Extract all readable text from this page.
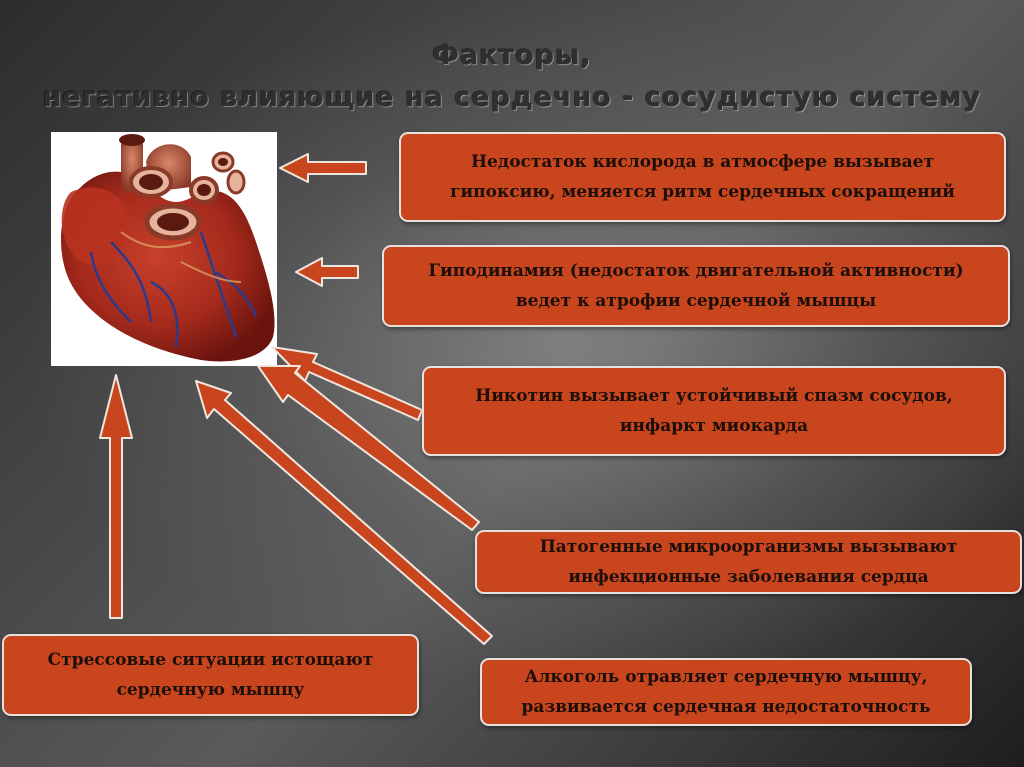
Факторы,
негативно влияющие на сердечно - сосудистую систему
Недостаток кислорода в атмосфере вызывает
гипоксию, меняется ритм сердечных сокращений
Гиподинамия (недостаток двигательной активности)
ведет к атрофии сердечной мышцы
Никотин вызывает устойчивый спазм сосудов,
инфаркт миокарда
Патогенные микроорганизмы вызывают
инфекционные заболевания сердца
Стрессовые ситуации истощают
сердечную мышцу
Алкоголь отравляет сердечную мышцу,
развивается сердечная недостаточность
